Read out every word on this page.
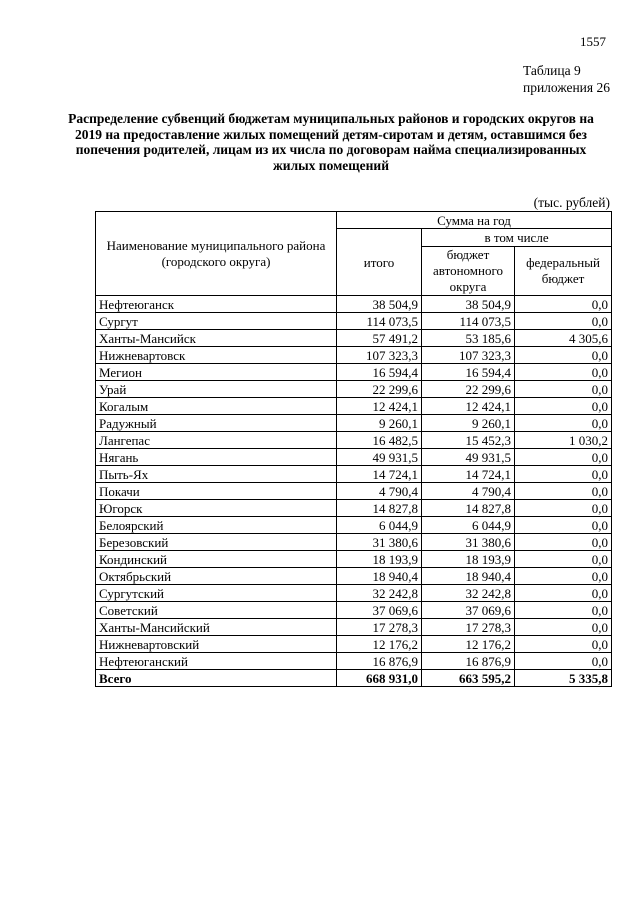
1557
Таблица 9
приложения 26
Распределение субвенций бюджетам муниципальных районов и городских округов на 2019 на предоставление жилых помещений детям-сиротам и детям, оставшимся без попечения родителей, лицам из их числа по договорам найма специализированных жилых помещений
(тыс. рублей)
Наименование муниципального района (городского округа)	Сумма на год		
	итого	в том числе	
		бюджет автономного округа	федеральный бюджет
Нефтеюганск	38 504,9	38 504,9	0,0
Сургут	114 073,5	114 073,5	0,0
Ханты-Мансийск	57 491,2	53 185,6	4 305,6
Нижневартовск	107 323,3	107 323,3	0,0
Мегион	16 594,4	16 594,4	0,0
Урай	22 299,6	22 299,6	0,0
Когалым	12 424,1	12 424,1	0,0
Радужный	9 260,1	9 260,1	0,0
Лангепас	16 482,5	15 452,3	1 030,2
Нягань	49 931,5	49 931,5	0,0
Пыть-Ях	14 724,1	14 724,1	0,0
Покачи	4 790,4	4 790,4	0,0
Югорск	14 827,8	14 827,8	0,0
Белоярский	6 044,9	6 044,9	0,0
Березовский	31 380,6	31 380,6	0,0
Кондинский	18 193,9	18 193,9	0,0
Октябрьский	18 940,4	18 940,4	0,0
Сургутский	32 242,8	32 242,8	0,0
Советский	37 069,6	37 069,6	0,0
Ханты-Мансийский	17 278,3	17 278,3	0,0
Нижневартовский	12 176,2	12 176,2	0,0
Нефтеюганский	16 876,9	16 876,9	0,0
Всего	668 931,0	663 595,2	5 335,8
